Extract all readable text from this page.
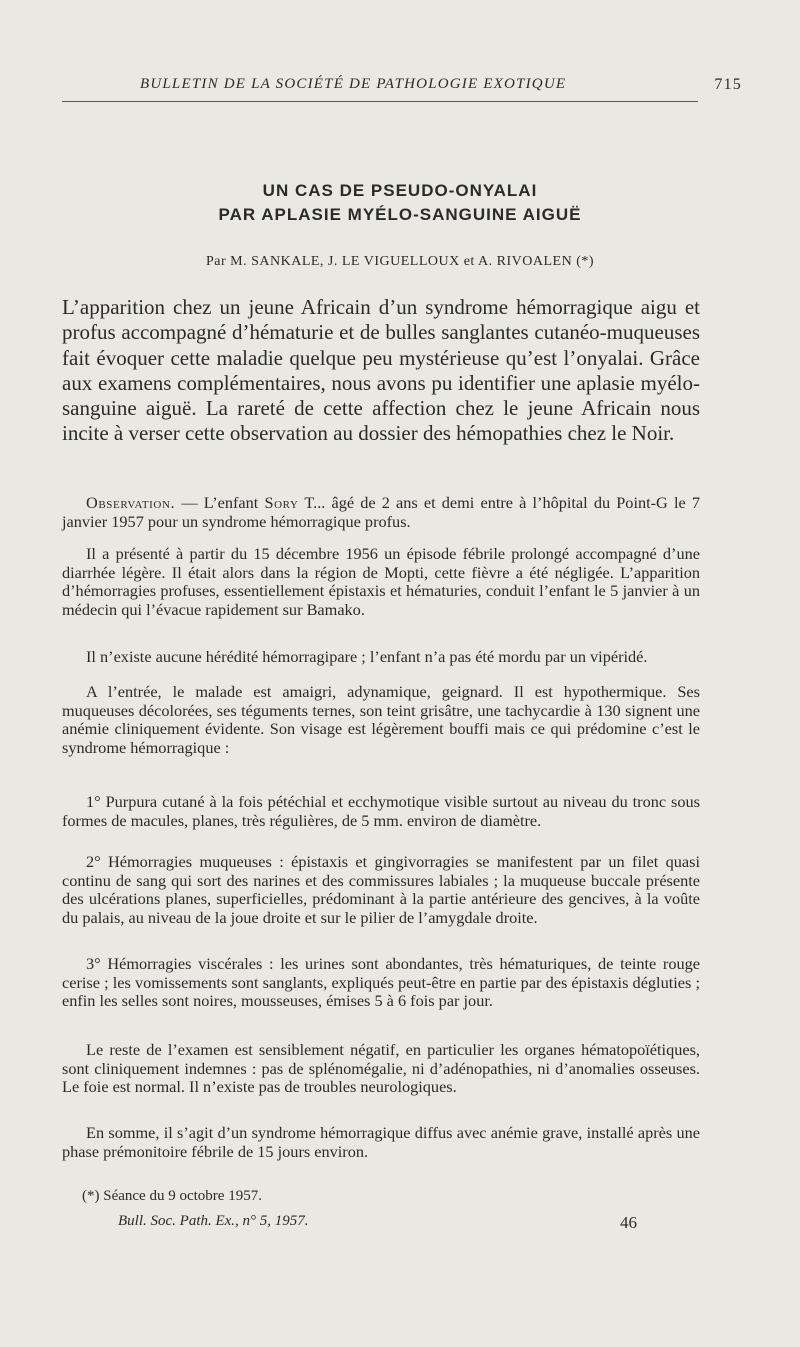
BULLETIN DE LA SOCIÉTÉ DE PATHOLOGIE EXOTIQUE	715
UN CAS DE PSEUDO-ONYALAI
PAR APLASIE MYÉLO-SANGUINE AIGUË
Par M. SANKALE, J. LE VIGUELLOUX et A. RIVOALEN (*)

L’apparition chez un jeune Africain d’un syndrome hémorragique aigu et profus accompagné d’hématurie et de bulles sanglantes cutanéo-muqueuses fait évoquer cette maladie quelque peu mystérieuse qu’est l’onyalai. Grâce aux examens complémentaires, nous avons pu identifier une aplasie myélo-sanguine aiguë. La rareté de cette affection chez le jeune Africain nous incite à verser cette observation au dossier des hémopathies chez le Noir.

Observation. — L’enfant Sory T... âgé de 2 ans et demi entre à l’hôpital du Point-G le 7 janvier 1957 pour un syndrome hémorragique profus.

Il a présenté à partir du 15 décembre 1956 un épisode fébrile prolongé accompagné d’une diarrhée légère. Il était alors dans la région de Mopti, cette fièvre a été négligée. L’apparition d’hémorragies profuses, essentiellement épistaxis et hématuries, conduit l’enfant le 5 janvier à un médecin qui l’évacue rapidement sur Bamako.

Il n’existe aucune hérédité hémorragipare ; l’enfant n’a pas été mordu par un vipéridé.

A l’entrée, le malade est amaigri, adynamique, geignard. Il est hypothermique. Ses muqueuses décolorées, ses téguments ternes, son teint grisâtre, une tachycardie à 130 signent une anémie cliniquement évidente. Son visage est légèrement bouffi mais ce qui prédomine c’est le syndrome hémorragique :

1° Purpura cutané à la fois pétéchial et ecchymotique visible surtout au niveau du tronc sous formes de macules, planes, très régulières, de 5 mm. environ de diamètre.

2° Hémorragies muqueuses : épistaxis et gingivorragies se manifestent par un filet quasi continu de sang qui sort des narines et des commissures labiales ; la muqueuse buccale présente des ulcérations planes, superficielles, prédominant à la partie antérieure des gencives, à la voûte du palais, au niveau de la joue droite et sur le pilier de l’amygdale droite.

3° Hémorragies viscérales : les urines sont abondantes, très hématuriques, de teinte rouge cerise ; les vomissements sont sanglants, expliqués peut-être en partie par des épistaxis dégluties ; enfin les selles sont noires, mousseuses, émises 5 à 6 fois par jour.

Le reste de l’examen est sensiblement négatif, en particulier les organes hématopoïétiques, sont cliniquement indemnes : pas de splénomégalie, ni d’adénopathies, ni d’anomalies osseuses. Le foie est normal. Il n’existe pas de troubles neurologiques.

En somme, il s’agit d’un syndrome hémorragique diffus avec anémie grave, installé après une phase prémonitoire fébrile de 15 jours environ.

(*) Séance du 9 octobre 1957.

Bull. Soc. Path. Ex., n° 5, 1957.	46
